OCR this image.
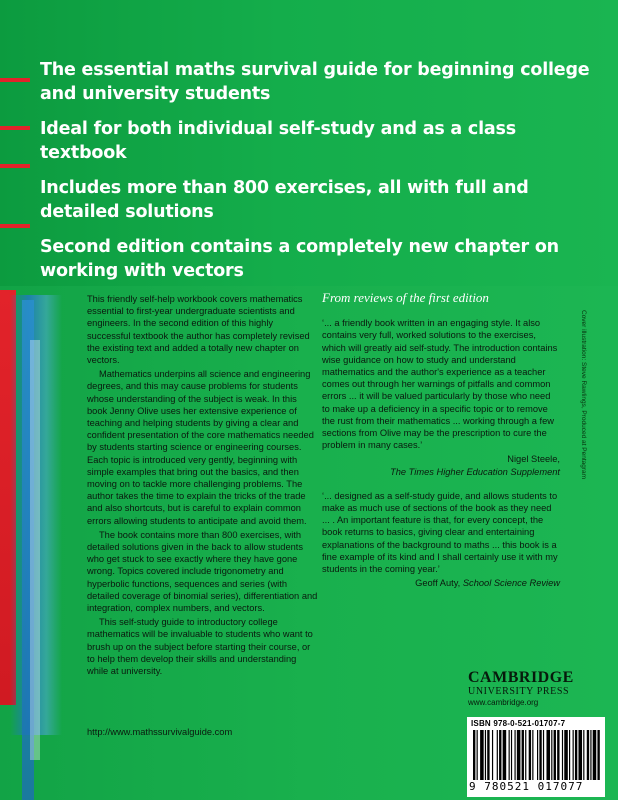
The essential maths survival guide for beginning college and university students
Ideal for both individual self-study and as a class textbook
Includes more than 800 exercises, all with full and detailed solutions
Second edition contains a completely new chapter on working with vectors

This friendly self-help workbook covers mathematics essential to first-year undergraduate scientists and engineers. In the second edition of this highly successful textbook the author has completely revised the existing text and added a totally new chapter on vectors.

Mathematics underpins all science and engineering degrees, and this may cause problems for students whose understanding of the subject is weak. In this book Jenny Olive uses her extensive experience of teaching and helping students by giving a clear and confident presentation of the core mathematics needed by students starting science or engineering courses. Each topic is introduced very gently, beginning with simple examples that bring out the basics, and then moving on to tackle more challenging problems. The author takes the time to explain the tricks of the trade and also shortcuts, but is careful to explain common errors allowing students to anticipate and avoid them.

The book contains more than 800 exercises, with detailed solutions given in the back to allow students who get stuck to see exactly where they have gone wrong. Topics covered include trigonometry and hyperbolic functions, sequences and series (with detailed coverage of binomial series), differentiation and integration, complex numbers, and vectors.

This self-study guide to introductory college mathematics will be invaluable to students who want to brush up on the subject before starting their course, or to help them develop their skills and understanding while at university.

http://www.mathssurvivalguide.com
From reviews of the first edition
‘... a friendly book written in an engaging style. It also contains very full, worked solutions to the exercises, which will greatly aid self-study. The introduction contains wise guidance on how to study and understand mathematics and the author's experience as a teacher comes out through her warnings of pitfalls and common errors ... it will be valued particularly by those who need to make up a deficiency in a specific topic or to remove the rust from their mathematics ... working through a few sections from Olive may be the prescription to cure the problem in many cases.’
Nigel Steele,
The Times Higher Education Supplement
‘... designed as a self-study guide, and allows students to make as much use of sections of the book as they need ... . An important feature is that, for every concept, the book returns to basics, giving clear and entertaining explanations of the background to maths ... this book is a fine example of its kind and I shall certainly use it with my students in the coming year.’
Geoff Auty, School Science Review
Cover illustration: Steve Rawlings, Produced at Pentagram
CAMBRIDGE
UNIVERSITY PRESS
www.cambridge.org
ISBN 978-0-521-01707-7
9 780521 017077
